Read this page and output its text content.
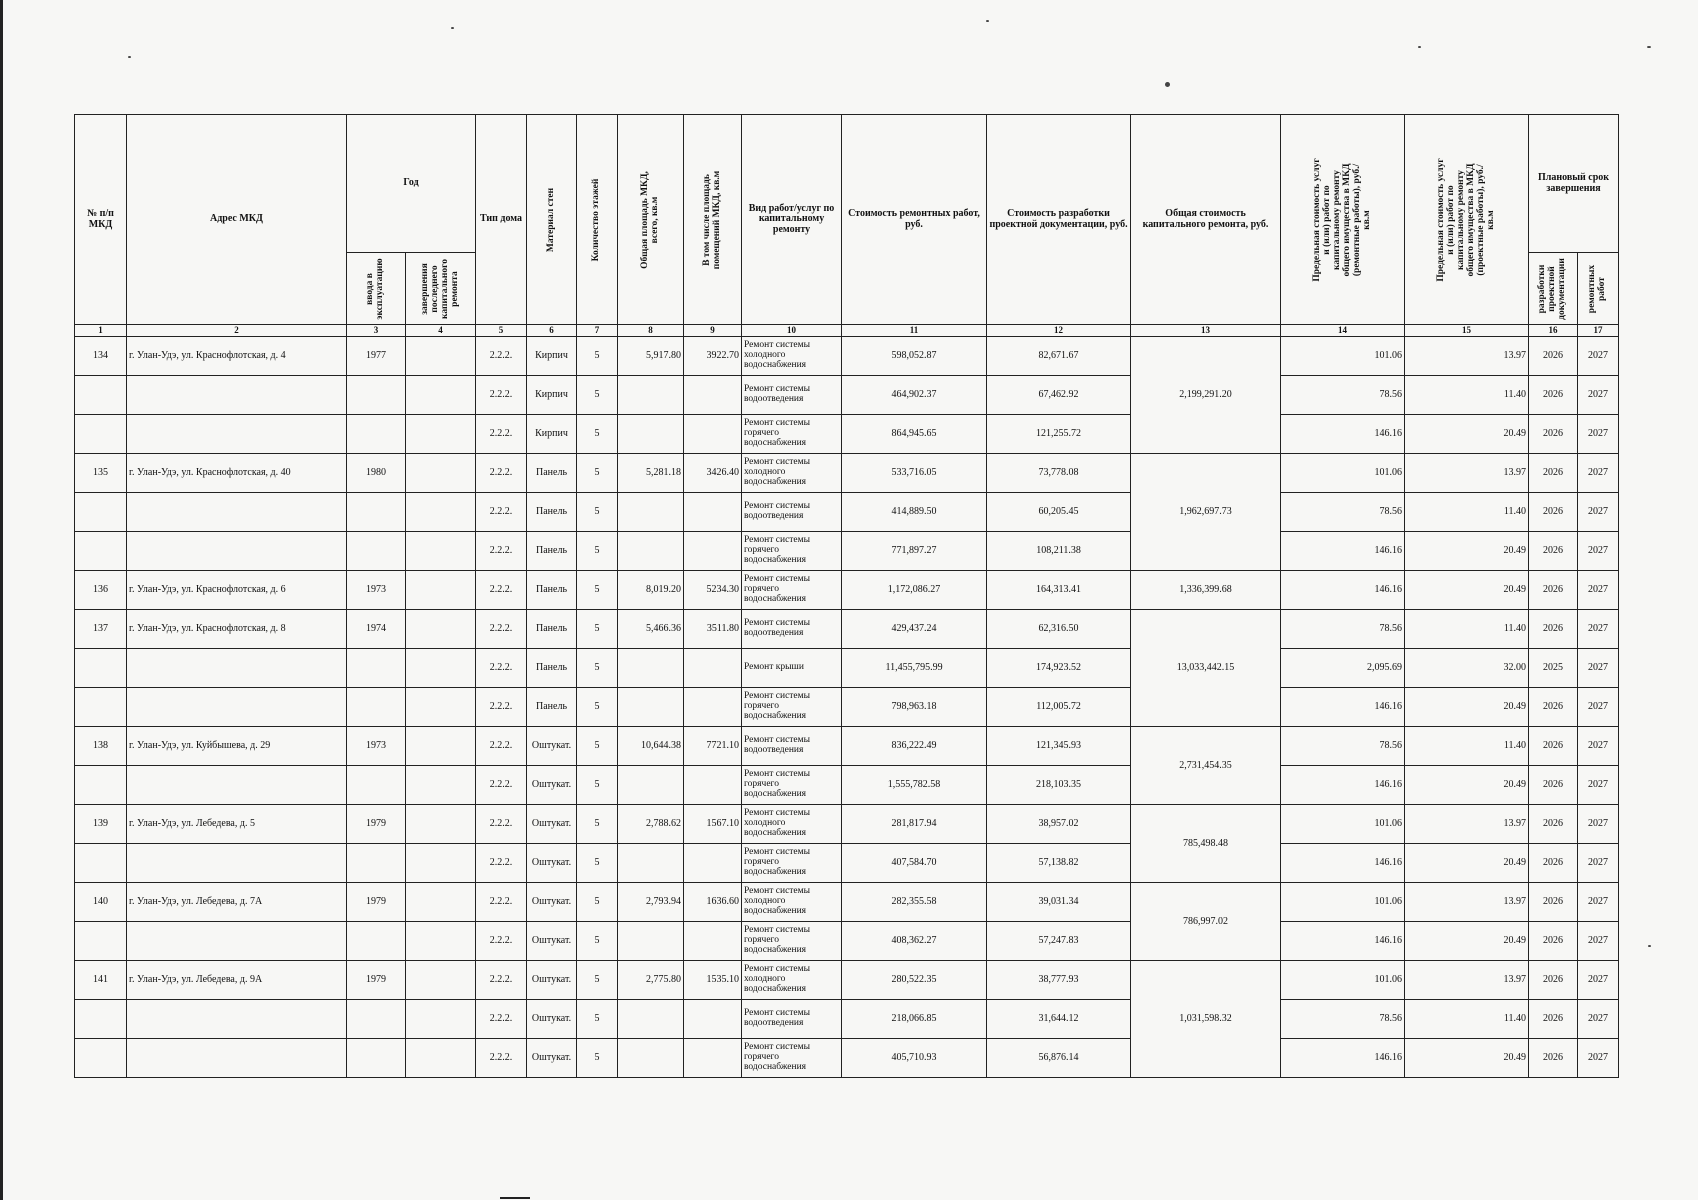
№ п/п МКД	Адрес МКД	Год		Тип дома	Материал стен	Количество этажей	Общая площадь МКД, всего, кв.м	В том числе площадь помещений МКД, кв.м	Вид работ/услуг по капитальному ремонту	Стоимость ремонтных работ, руб.	Стоимость разработки проектной документации, руб.	Общая стоимость капитального ремонта, руб.	Предельная стоимость услуг и (или) работ по капитальному ремонту общего имущества в МКД (ремонтные работы), руб./кв.м	Предельная стоимость услуг и (или) работ по капитальному ремонту общего имущества в МКД (проектные работы), руб./кв.м	Плановый срок завершения	

		ввода в эксплуатацию	завершения последнего капитального ремонта												разработки проектной документации	ремонтных работ

1	2	3	4	5	6	7	8	9	10	11	12	13	14	15	16	17
134	г. Улан-Удэ, ул. Краснофлотская, д. 4	1977		2.2.2.	Кирпич	5	5,917.80	3922.70	Ремонт системы холодного водоснабжения	598,052.87	82,671.67	2,199,291.20	101.06	13.97	2026	2027
				2.2.2.	Кирпич	5			Ремонт системы водоотведения	464,902.37	67,462.92		78.56	11.40	2026	2027
				2.2.2.	Кирпич	5			Ремонт системы горячего водоснабжения	864,945.65	121,255.72		146.16	20.49	2026	2027
135	г. Улан-Удэ, ул. Краснофлотская, д. 40	1980		2.2.2.	Панель	5	5,281.18	3426.40	Ремонт системы холодного водоснабжения	533,716.05	73,778.08	1,962,697.73	101.06	13.97	2026	2027
				2.2.2.	Панель	5			Ремонт системы водоотведения	414,889.50	60,205.45		78.56	11.40	2026	2027
				2.2.2.	Панель	5			Ремонт системы горячего водоснабжения	771,897.27	108,211.38		146.16	20.49	2026	2027
136	г. Улан-Удэ, ул. Краснофлотская, д. 6	1973		2.2.2.	Панель	5	8,019.20	5234.30	Ремонт системы горячего водоснабжения	1,172,086.27	164,313.41	1,336,399.68	146.16	20.49	2026	2027
137	г. Улан-Удэ, ул. Краснофлотская, д. 8	1974		2.2.2.	Панель	5	5,466.36	3511.80	Ремонт системы водоотведения	429,437.24	62,316.50	13,033,442.15	78.56	11.40	2026	2027
				2.2.2.	Панель	5			Ремонт крыши	11,455,795.99	174,923.52		2,095.69	32.00	2025	2027
				2.2.2.	Панель	5			Ремонт системы горячего водоснабжения	798,963.18	112,005.72		146.16	20.49	2026	2027
138	г. Улан-Удэ, ул. Куйбышева, д. 29	1973		2.2.2.	Оштукат.	5	10,644.38	7721.10	Ремонт системы водоотведения	836,222.49	121,345.93	2,731,454.35	78.56	11.40	2026	2027
				2.2.2.	Оштукат.	5			Ремонт системы горячего водоснабжения	1,555,782.58	218,103.35		146.16	20.49	2026	2027
139	г. Улан-Удэ, ул. Лебедева, д. 5	1979		2.2.2.	Оштукат.	5	2,788.62	1567.10	Ремонт системы холодного водоснабжения	281,817.94	38,957.02	785,498.48	101.06	13.97	2026	2027
				2.2.2.	Оштукат.	5			Ремонт системы горячего водоснабжения	407,584.70	57,138.82		146.16	20.49	2026	2027
140	г. Улан-Удэ, ул. Лебедева, д. 7А	1979		2.2.2.	Оштукат.	5	2,793.94	1636.60	Ремонт системы холодного водоснабжения	282,355.58	39,031.34	786,997.02	101.06	13.97	2026	2027
				2.2.2.	Оштукат.	5			Ремонт системы горячего водоснабжения	408,362.27	57,247.83		146.16	20.49	2026	2027
141	г. Улан-Удэ, ул. Лебедева, д. 9А	1979		2.2.2.	Оштукат.	5	2,775.80	1535.10	Ремонт системы холодного водоснабжения	280,522.35	38,777.93	1,031,598.32	101.06	13.97	2026	2027
				2.2.2.	Оштукат.	5			Ремонт системы водоотведения	218,066.85	31,644.12		78.56	11.40	2026	2027
				2.2.2.	Оштукат.	5			Ремонт системы горячего водоснабжения	405,710.93	56,876.14		146.16	20.49	2026	2027
